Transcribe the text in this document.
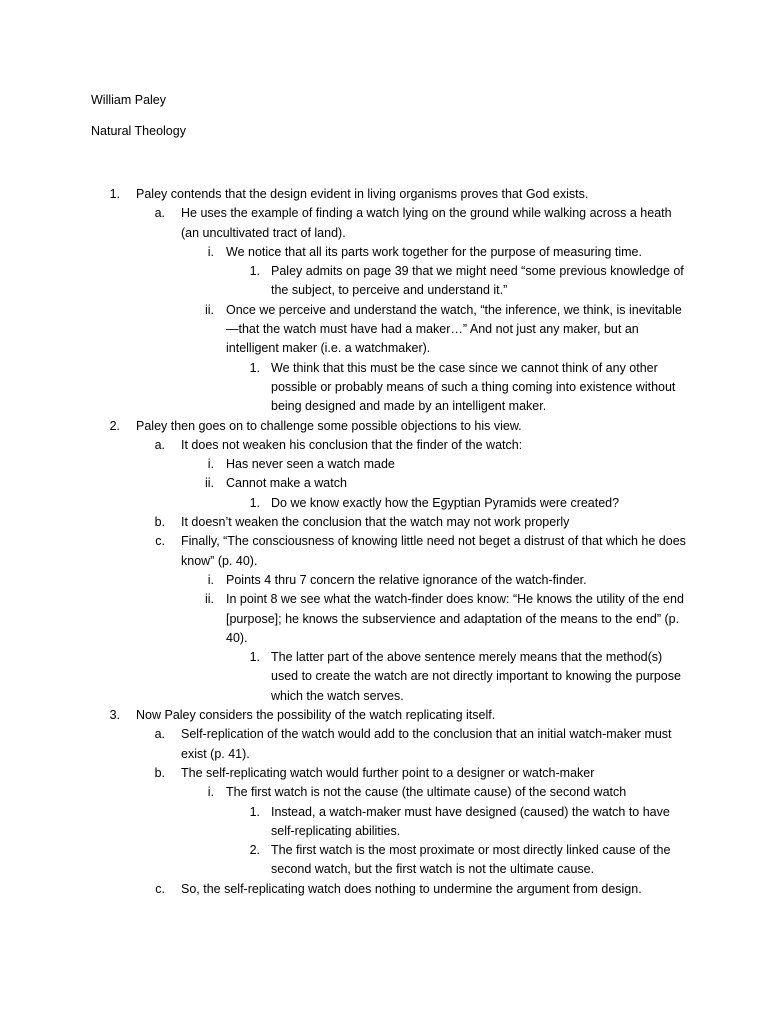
William Paley
Natural Theology
1. Paley contends that the design evident in living organisms proves that God exists.
a. He uses the example of finding a watch lying on the ground while walking across a heath (an uncultivated tract of land).
i. We notice that all its parts work together for the purpose of measuring time.
1. Paley admits on page 39 that we might need “some previous knowledge of the subject, to perceive and understand it.”
ii. Once we perceive and understand the watch, “the inference, we think, is inevitable—that the watch must have had a maker…” And not just any maker, but an intelligent maker (i.e. a watchmaker).
1. We think that this must be the case since we cannot think of any other possible or probably means of such a thing coming into existence without being designed and made by an intelligent maker.
2. Paley then goes on to challenge some possible objections to his view.
a. It does not weaken his conclusion that the finder of the watch:
i. Has never seen a watch made
ii. Cannot make a watch
1. Do we know exactly how the Egyptian Pyramids were created?
b. It doesn’t weaken the conclusion that the watch may not work properly
c. Finally, “The consciousness of knowing little need not beget a distrust of that which he does know” (p. 40).
i. Points 4 thru 7 concern the relative ignorance of the watch-finder.
ii. In point 8 we see what the watch-finder does know: “He knows the utility of the end [purpose]; he knows the subservience and adaptation of the means to the end” (p. 40).
1. The latter part of the above sentence merely means that the method(s) used to create the watch are not directly important to knowing the purpose which the watch serves.
3. Now Paley considers the possibility of the watch replicating itself.
a. Self-replication of the watch would add to the conclusion that an initial watch-maker must exist (p. 41).
b. The self-replicating watch would further point to a designer or watch-maker
i. The first watch is not the cause (the ultimate cause) of the second watch
1. Instead, a watch-maker must have designed (caused) the watch to have self-replicating abilities.
2. The first watch is the most proximate or most directly linked cause of the second watch, but the first watch is not the ultimate cause.
c. So, the self-replicating watch does nothing to undermine the argument from design.
